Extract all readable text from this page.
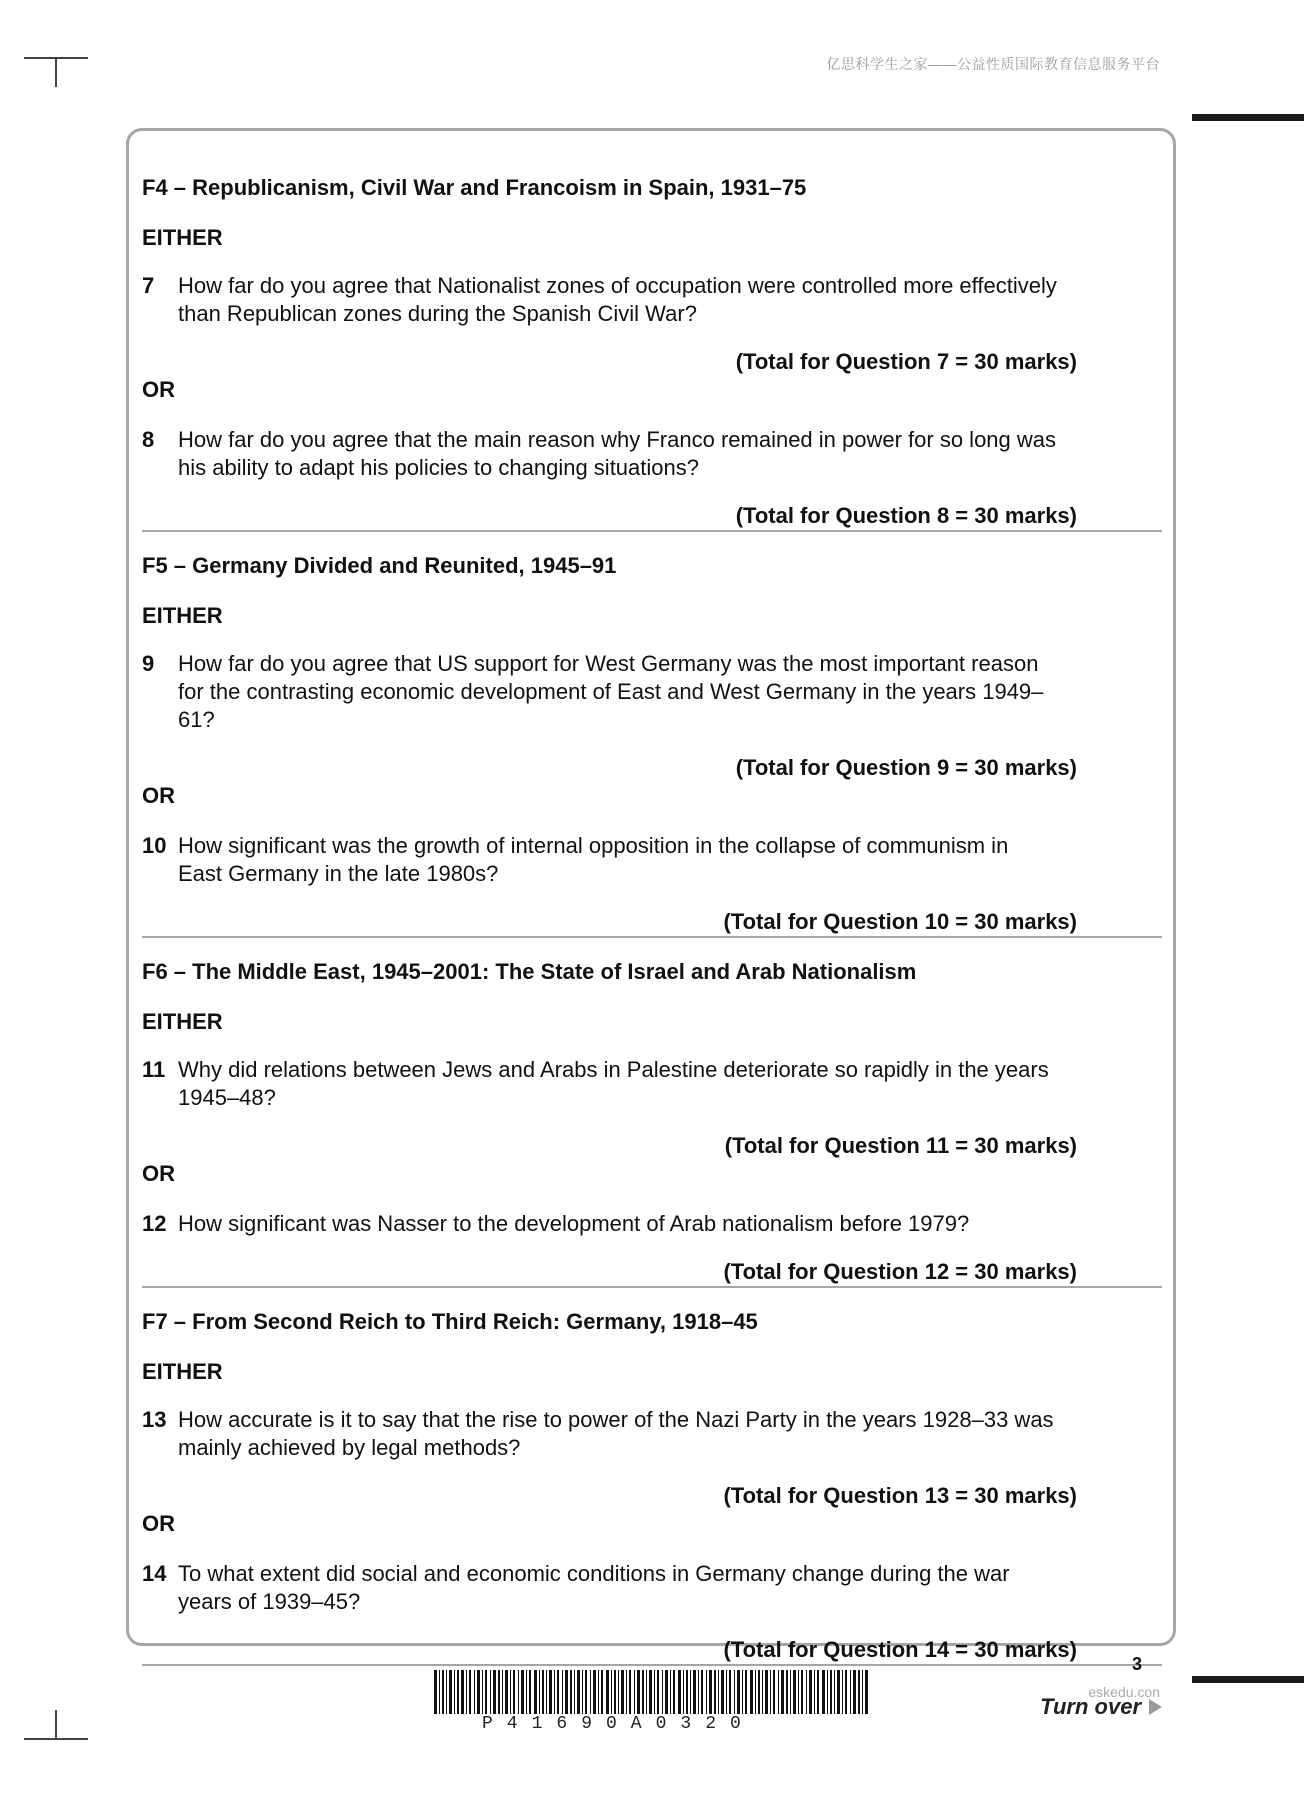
亿思科学生之家——公益性质国际教育信息服务平台
F4 – Republicanism, Civil War and Francoism in Spain, 1931–75
EITHER
7	How far do you agree that Nationalist zones of occupation were controlled more effectively than Republican zones during the Spanish Civil War?
(Total for Question 7 = 30 marks)
OR
8	How far do you agree that the main reason why Franco remained in power for so long was his ability to adapt his policies to changing situations?
(Total for Question 8 = 30 marks)
F5 – Germany Divided and Reunited, 1945–91
EITHER
9	How far do you agree that US support for West Germany was the most important reason for the contrasting economic development of East and West Germany in the years 1949–61?
(Total for Question 9 = 30 marks)
OR
10 How significant was the growth of internal opposition in the collapse of communism in East Germany in the late 1980s?
(Total for Question 10 = 30 marks)
F6 – The Middle East, 1945–2001: The State of Israel and Arab Nationalism
EITHER
11 Why did relations between Jews and Arabs in Palestine deteriorate so rapidly in the years 1945–48?
(Total for Question 11 = 30 marks)
OR
12 How significant was Nasser to the development of Arab nationalism before 1979?
(Total for Question 12 = 30 marks)
F7 – From Second Reich to Third Reich: Germany, 1918–45
EITHER
13 How accurate is it to say that the rise to power of the Nazi Party in the years 1928–33 was mainly achieved by legal methods?
(Total for Question 13 = 30 marks)
OR
14 To what extent did social and economic conditions in Germany change during the war years of 1939–45?
(Total for Question 14 = 30 marks)
3
P41690A0320
eskedu.con
Turn over
